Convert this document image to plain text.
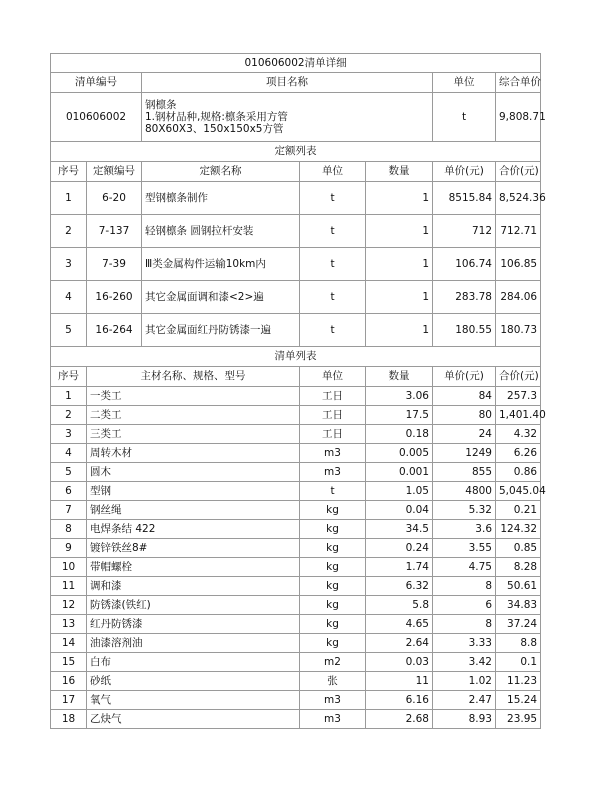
010606002清单详细						
清单编号		项目名称			单位	综合单价
010606002		钢檩条
1.钢材品种,规格:檩条采用方管
80X60X3、150x150x5方管			t	9,808.71
定额列表						
序号	定额编号	定额名称	单位	数量	单价(元)	合价(元)
1	6-20	型钢檩条制作	t	1	8515.84	8,524.36
2	7-137	轻钢檩条 圆钢拉杆安装	t	1	712	712.71
3	7-39	Ⅲ类金属构件运输10km内	t	1	106.74	106.85
4	16-260	其它金属面调和漆<2>遍	t	1	283.78	284.06
5	16-264	其它金属面红丹防锈漆一遍	t	1	180.55	180.73
清单列表						
序号	主材名称、规格、型号		单位	数量	单价(元)	合价(元)
1	一类工		工日	3.06	84	257.3
2	二类工		工日	17.5	80	1,401.40
3	三类工		工日	0.18	24	4.32
4	周转木材		m3	0.005	1249	6.26
5	圆木		m3	0.001	855	0.86
6	型钢		t	1.05	4800	5,045.04
7	钢丝绳		kg	0.04	5.32	0.21
8	电焊条结 422		kg	34.5	3.6	124.32
9	镀锌铁丝8#		kg	0.24	3.55	0.85
10	带帽螺栓		kg	1.74	4.75	8.28
11	调和漆		kg	6.32	8	50.61
12	防锈漆(铁红)		kg	5.8	6	34.83
13	红丹防锈漆		kg	4.65	8	37.24
14	油漆溶剂油		kg	2.64	3.33	8.8
15	白布		m2	0.03	3.42	0.1
16	砂纸		张	11	1.02	11.23
17	氧气		m3	6.16	2.47	15.24
18	乙炔气		m3	2.68	8.93	23.95
